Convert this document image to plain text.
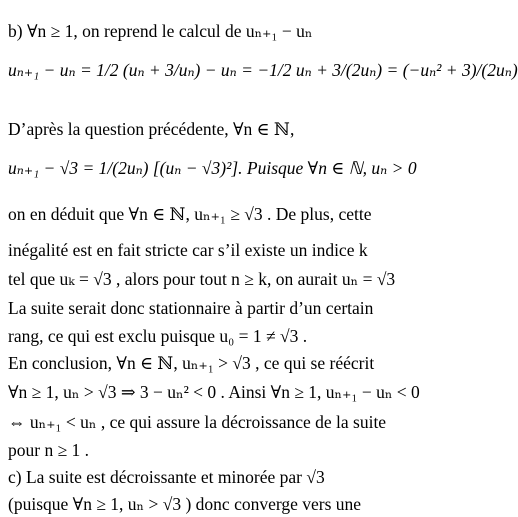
b) ∀n ≥ 1, on reprend le calcul de uₙ₊₁ − uₙ
uₙ₊₁ − uₙ = 1/2 (uₙ + 3/uₙ) − uₙ = −1/2 uₙ + 3/(2uₙ) = (−uₙ² + 3)/(2uₙ)
D’après la question précédente, ∀n ∈ ℕ,
uₙ₊₁ − √3 = 1/(2uₙ) [(uₙ − √3)²]. Puisque ∀n ∈ ℕ, uₙ > 0
on en déduit que ∀n ∈ ℕ, uₙ₊₁ ≥ √3 . De plus, cette
inégalité est en fait stricte car s’il existe un indice k
tel que uₖ = √3 , alors pour tout n ≥ k, on aurait uₙ = √3
La suite serait donc stationnaire à partir d’un certain
rang, ce qui est exclu puisque u₀ = 1 ≠ √3 .
En conclusion, ∀n ∈ ℕ, uₙ₊₁ > √3 , ce qui se réécrit
∀n ≥ 1, uₙ > √3 ⇒ 3 − uₙ² < 0 . Ainsi ∀n ≥ 1, uₙ₊₁ − uₙ < 0
⇔ uₙ₊₁ < uₙ , ce qui assure la décroissance de la suite
pour n ≥ 1 .
c) La suite est décroissante et minorée par √3
(puisque ∀n ≥ 1, uₙ > √3 ) donc converge vers une
